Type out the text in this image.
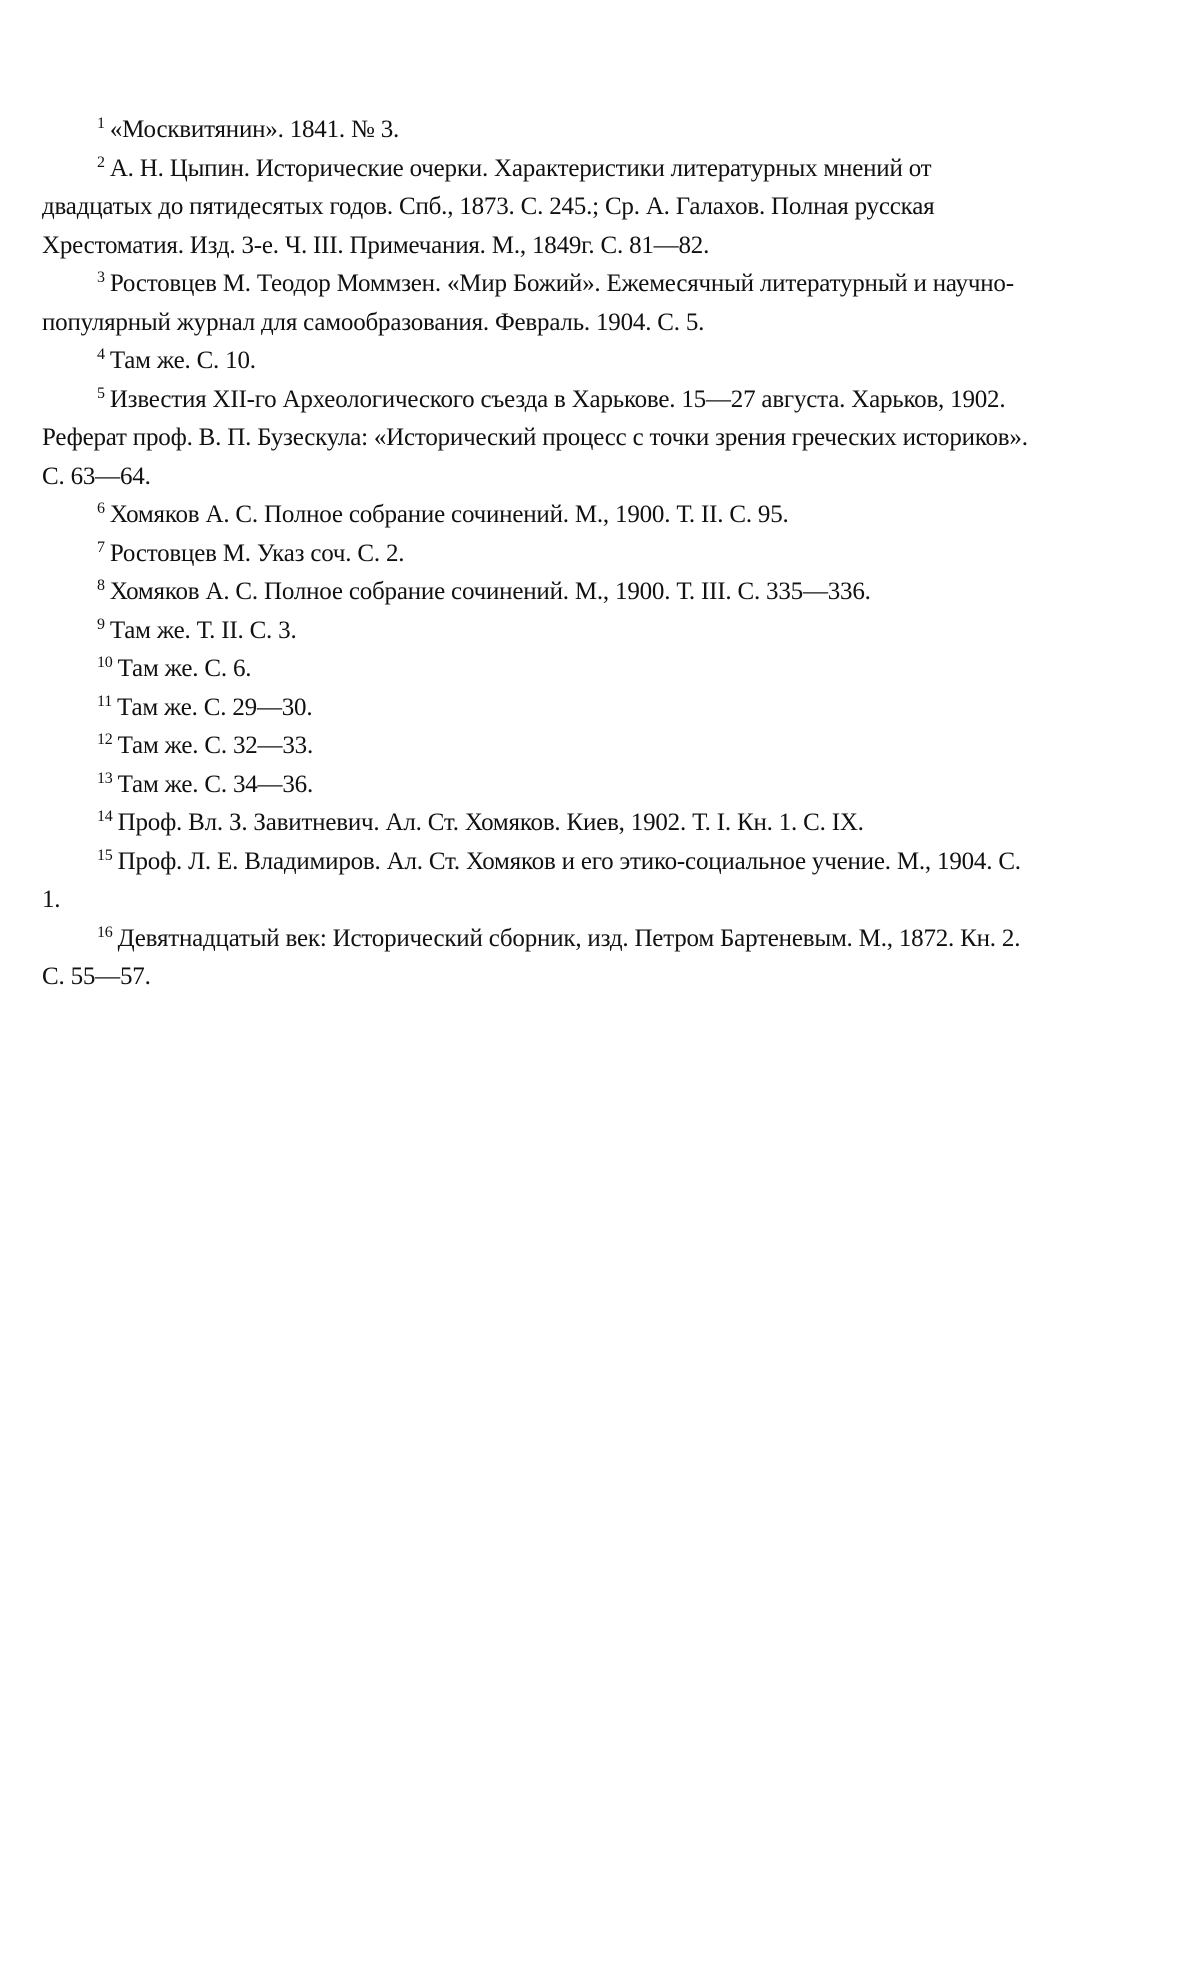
$^1$ «Москвитянин». 1841. № 3.

$^2$ А. Н. Цыпин. Исторические очерки. Характеристики литературных мнений от двадцатых до пятидесятых годов. Спб., 1873. С. 245.; Ср. А. Галахов. Полная русская Хрестоматия. Изд. 3-е. Ч. III. Примечания. М., 1849г. С. 81—82.

$^3$ Ростовцев М. Теодор Моммзен. «Мир Божий». Ежемесячный литературный и научно-популярный журнал для самообразования. Февраль. 1904. С. 5.

$^4$ Там же. С. 10.

$^5$ Известия XII-го Археологического съезда в Харькове. 15—27 августа. Харьков, 1902. Реферат проф. В. П. Бузескула: «Исторический процесс с точки зрения греческих историков». С. 63—64.

$^6$ Хомяков А. С. Полное собрание сочинений. М., 1900. Т. II. С. 95.

$^7$ Ростовцев М. Указ соч. С. 2.

$^8$ Хомяков А. С. Полное собрание сочинений. М., 1900. Т. III. С. 335—336.

$^9$ Там же. Т. II. С. 3.

$^{10}$ Там же. С. 6.

$^{11}$ Там же. С. 29—30.

$^{12}$ Там же. С. 32—33.

$^{13}$ Там же. С. 34—36.

$^{14}$ Проф. Вл. З. Завитневич. Ал. Ст. Хомяков. Киев, 1902. Т. I. Кн. 1. С. IX.

$^{15}$ Проф. Л. Е. Владимиров. Ал. Ст. Хомяков и его этико-социальное учение. М., 1904. С. 1.

$^{16}$ Девятнадцатый век: Исторический сборник, изд. Петром Бартеневым. М., 1872. Кн. 2. С. 55—57.
